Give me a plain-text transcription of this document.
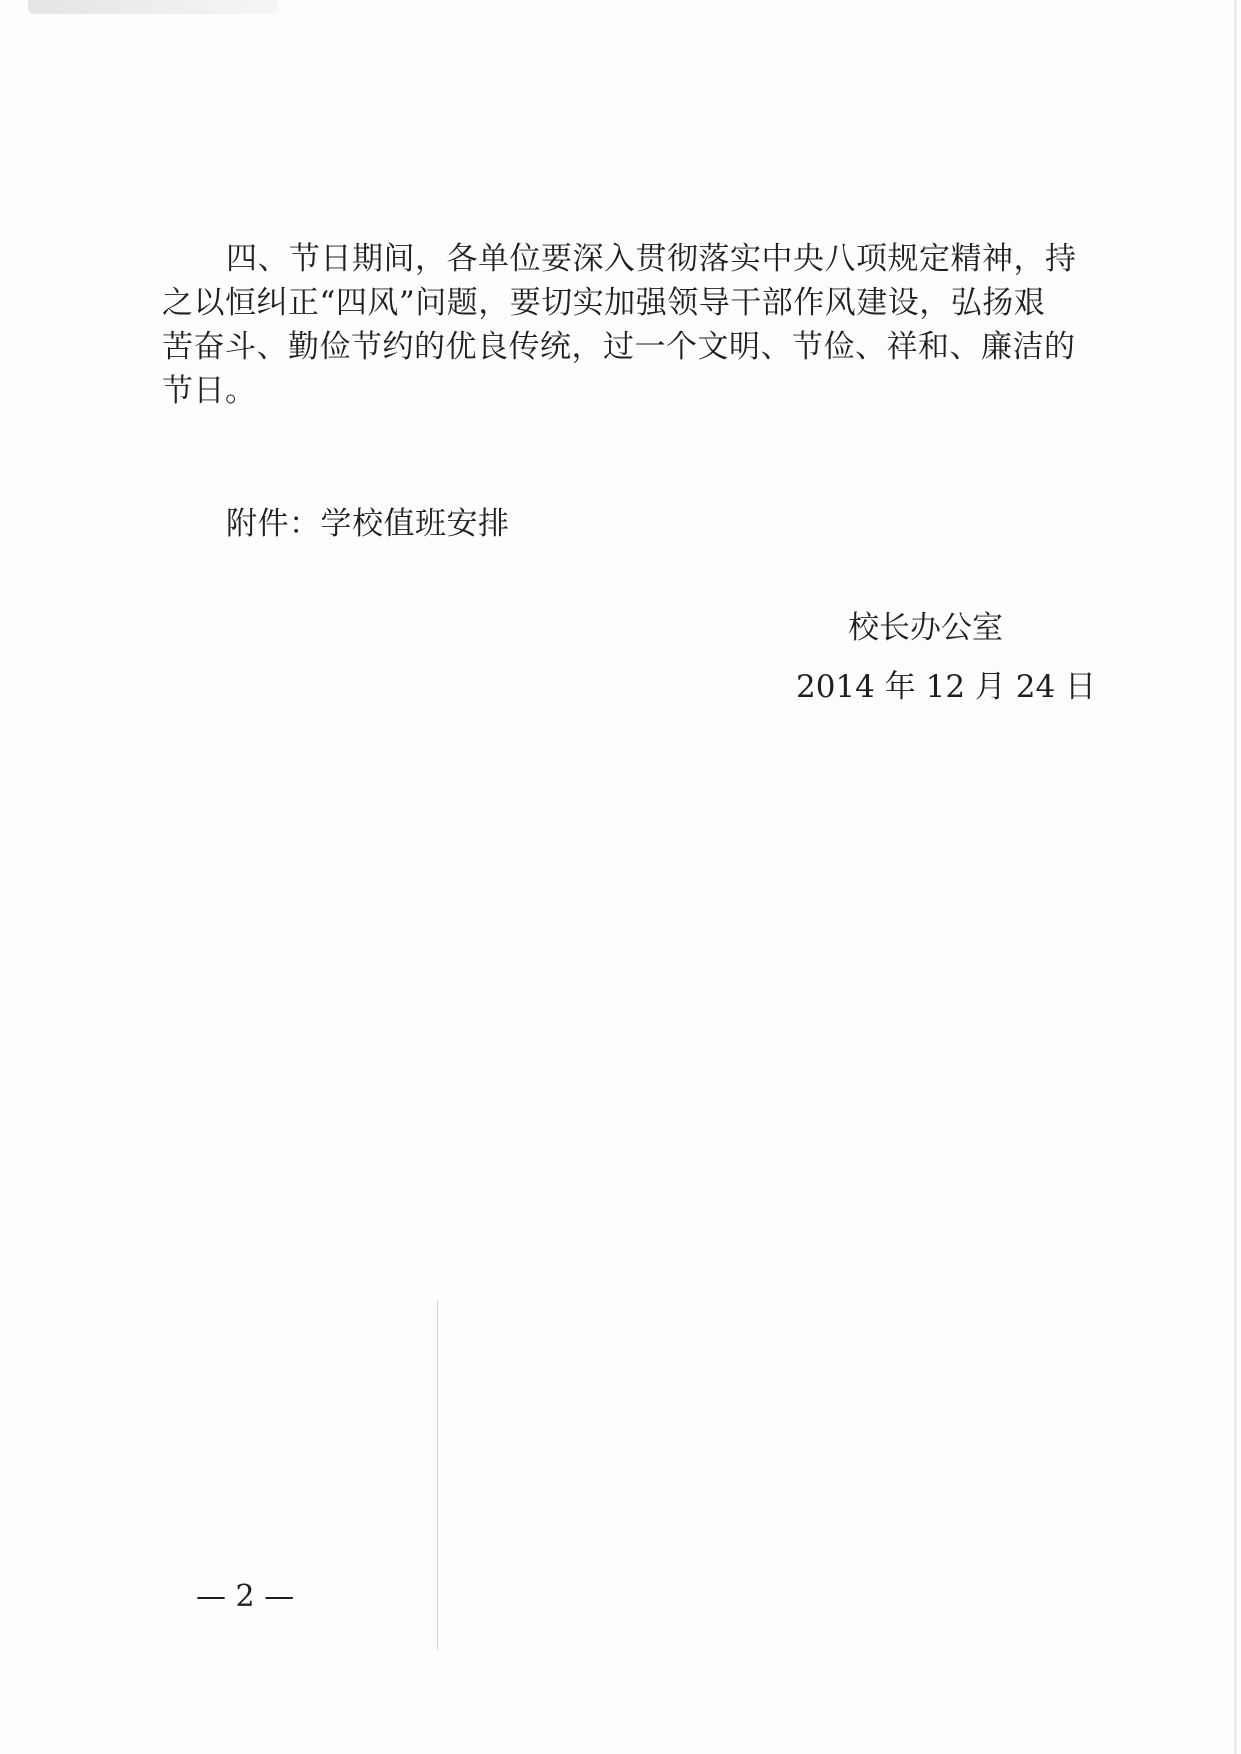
四、节日期间，各单位要深入贯彻落实中央八项规定精神，持
之以恒纠正“四风”问题，要切实加强领导干部作风建设，弘扬艰
苦奋斗、勤俭节约的优良传统，过一个文明、节俭、祥和、廉洁的
节日。
附件：学校值班安排
校长办公室
2014 年 12 月 24 日
— 2 —
